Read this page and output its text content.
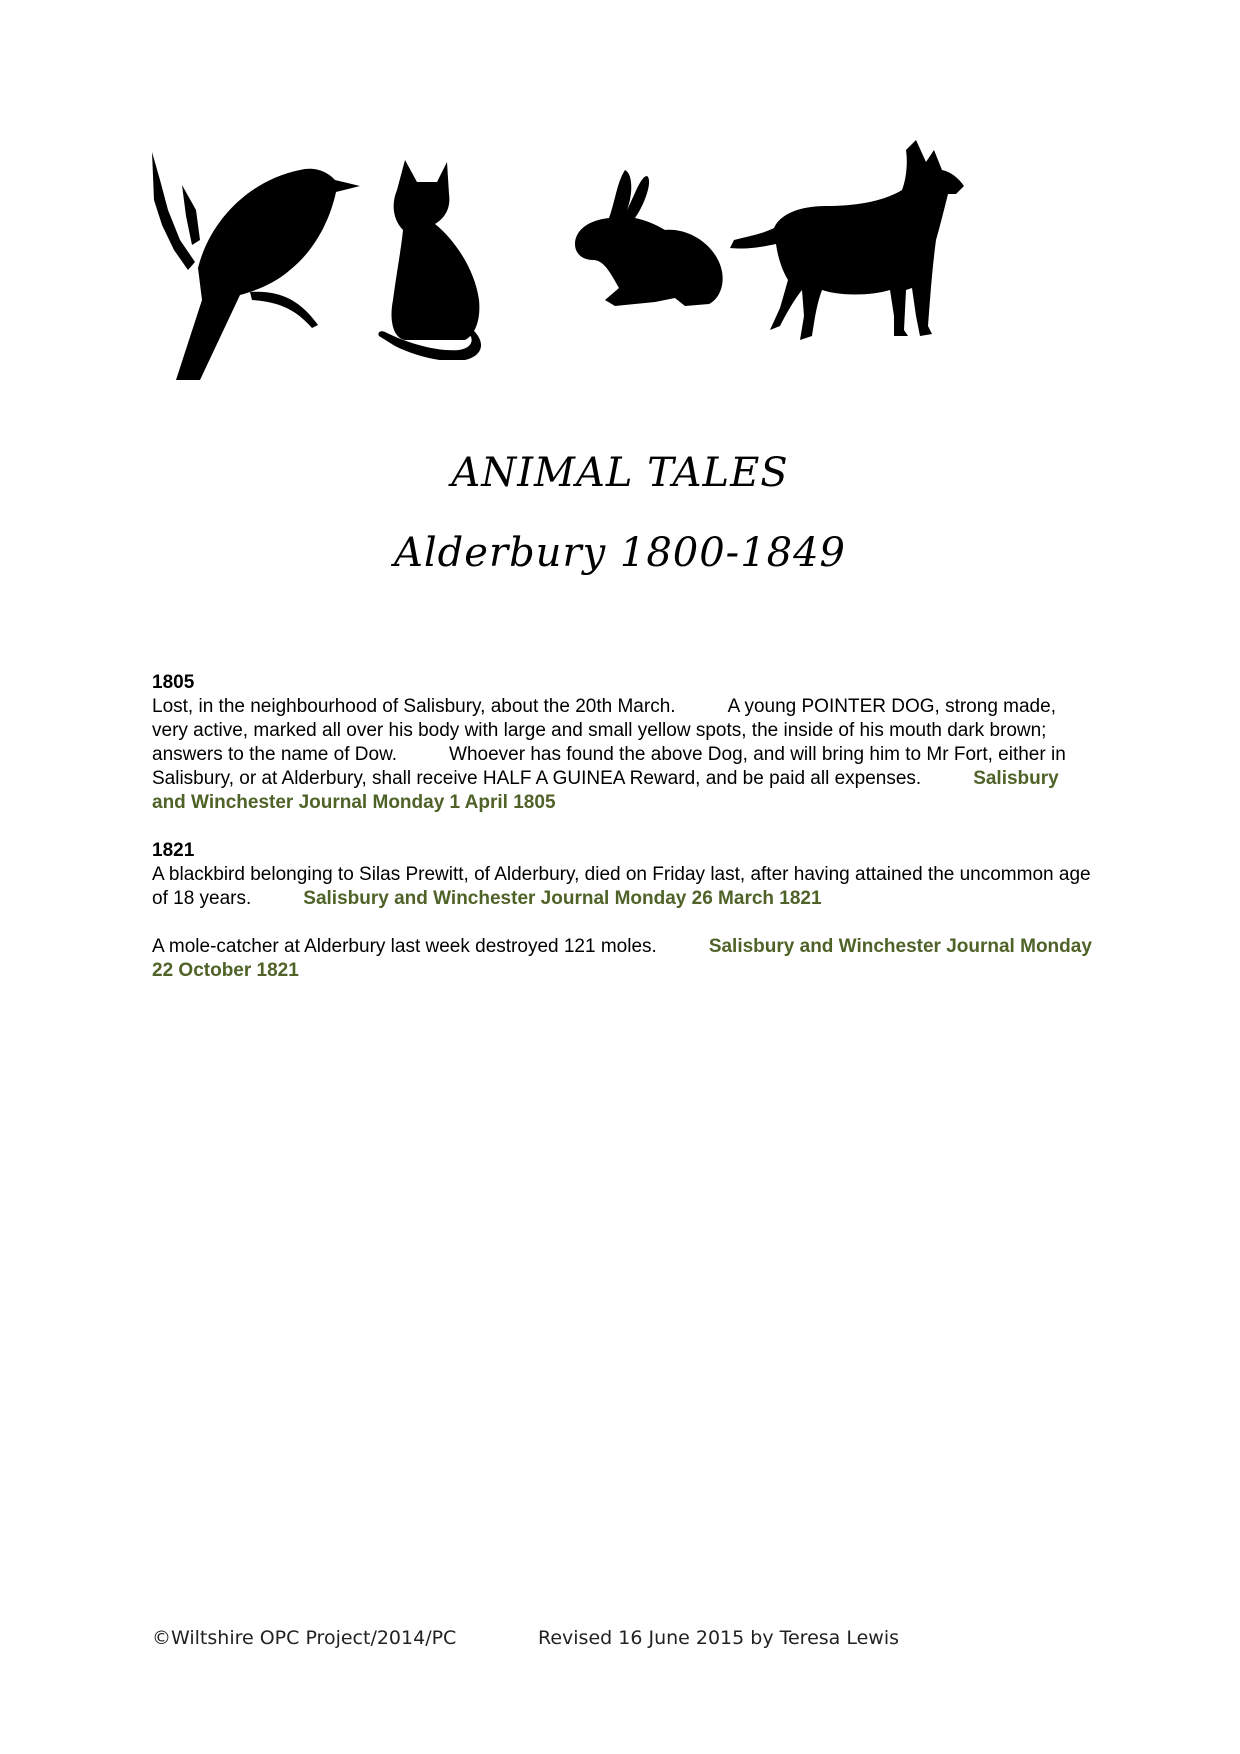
ANIMAL TALES
Alderbury 1800-1849
1805
Lost, in the neighbourhood of Salisbury, about the 20th March.	A young POINTER DOG, strong made, very active, marked all over his body with large and small yellow spots, the inside of his mouth dark brown; answers to the name of Dow.	Whoever has found the above Dog, and will bring him to Mr Fort, either in Salisbury, or at Alderbury, shall receive HALF A GUINEA Reward, and be paid all expenses.	Salisbury and Winchester Journal Monday 1 April 1805
1821
A blackbird belonging to Silas Prewitt, of Alderbury, died on Friday last, after having attained the uncommon age of 18 years.	Salisbury and Winchester Journal Monday 26 March 1821
A mole-catcher at Alderbury last week destroyed 121 moles.	Salisbury and Winchester Journal Monday 22 October 1821
©Wiltshire OPC Project/2014/PC	Revised 16 June 2015 by Teresa Lewis
